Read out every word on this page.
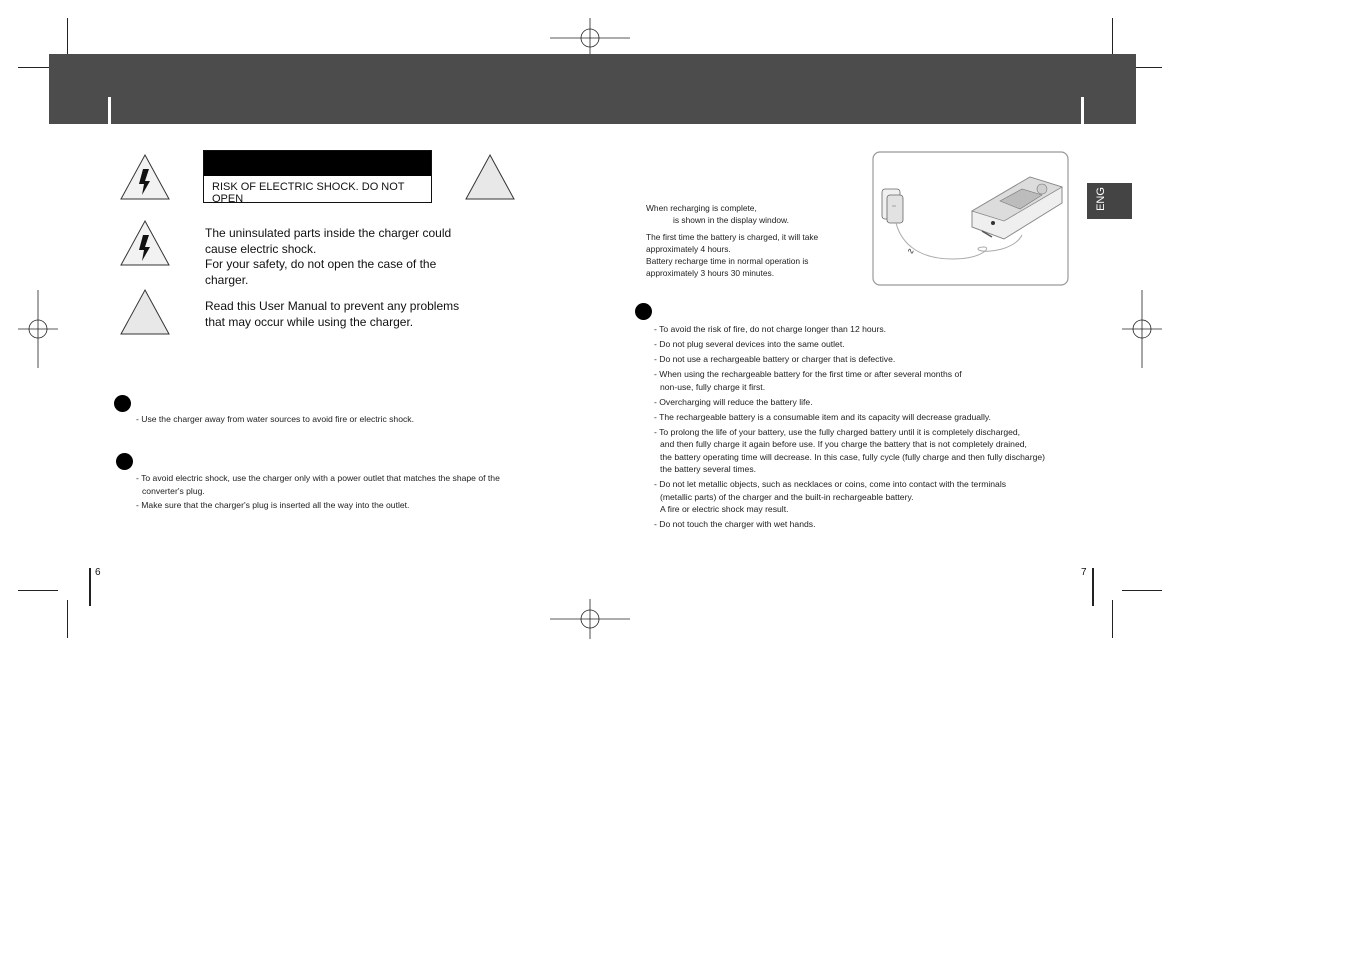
RISK OF ELECTRIC SHOCK. DO NOT OPEN
The uninsulated parts inside the charger could
cause electric shock.
For your safety, do not open the case of the
charger.
Read this User Manual to prevent any problems
that may occur while using the charger.

- Use the charger away from water sources to avoid fire or electric shock.

- To avoid electric shock, use the charger only with a power outlet that matches the shape of the

converter's plug.

- Make sure that the charger's plug is inserted all the way into the outlet.

6
When recharging is complete,
is shown in the display window.
The first time the battery is charged, it will take
approximately 4 hours.
Battery recharge time in normal operation is
approximately 3 hours 30 minutes.
∿
ENG

- To avoid the risk of fire, do not charge longer than 12 hours.

- Do not plug several devices into the same outlet.

- Do not use a rechargeable battery or charger that is defective.

- When using the rechargeable battery for the first time or after several months of

non-use, fully charge it first.

- Overcharging will reduce the battery life.

- The rechargeable battery is a consumable item and its capacity will decrease gradually.

- To prolong the life of your battery, use the fully charged battery until it is completely discharged,

and then fully charge it again before use. If you charge the battery that is not completely drained,

the battery operating time will decrease. In this case, fully cycle (fully charge and then fully discharge)

the battery several times.

- Do not let metallic objects, such as necklaces or coins, come into contact with the terminals

(metallic parts) of the charger and the built-in rechargeable battery.

A fire or electric shock may result.

- Do not touch the charger with wet hands.

7
